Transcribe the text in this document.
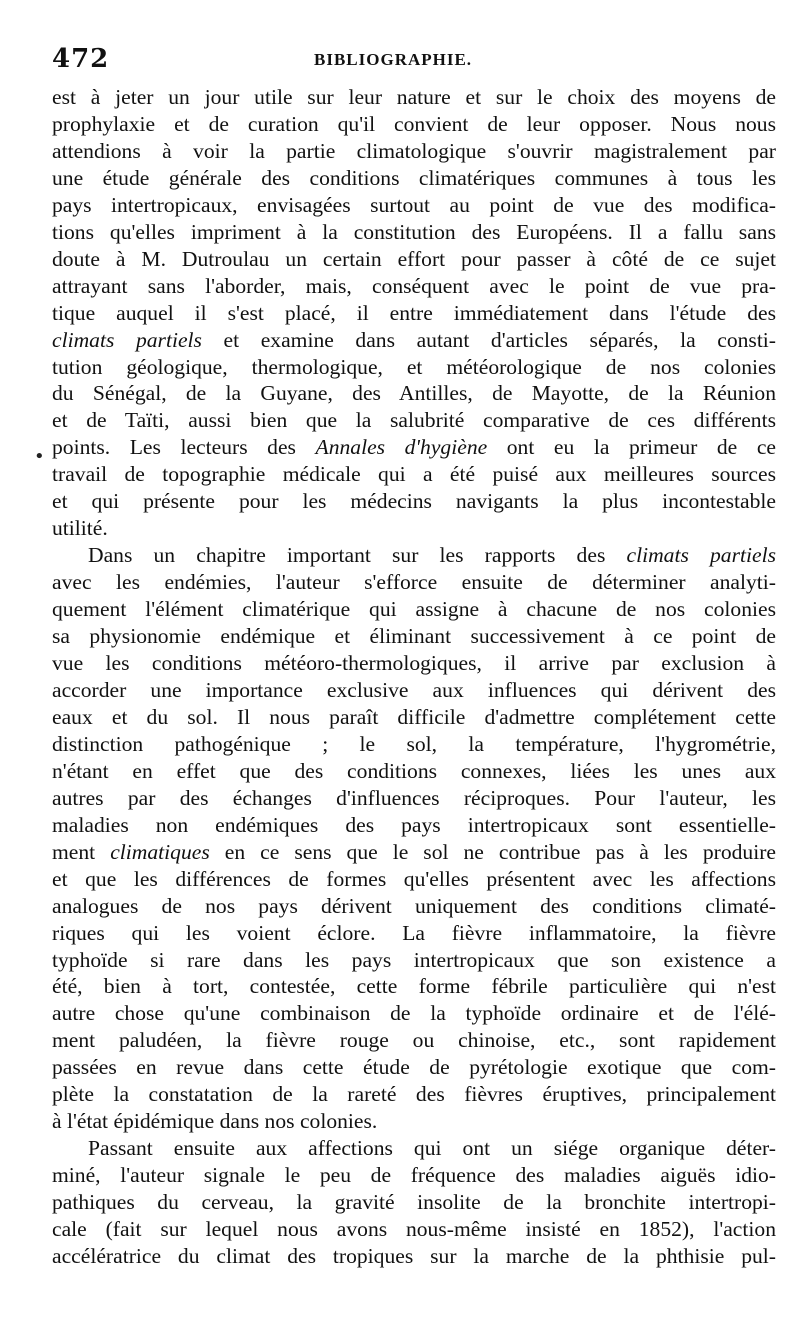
472	BIBLIOGRAPHIE.
•
est à jeter un jour utile sur leur nature et sur le choix des moyens de
prophylaxie et de curation qu'il convient de leur opposer. Nous nous
attendions à voir la partie climatologique s'ouvrir magistralement par
une étude générale des conditions climatériques communes à tous les
pays intertropicaux, envisagées surtout au point de vue des modifica-
tions qu'elles impriment à la constitution des Européens. Il a fallu sans
doute à M. Dutroulau un certain effort pour passer à côté de ce sujet
attrayant sans l'aborder, mais, conséquent avec le point de vue pra-
tique auquel il s'est placé, il entre immédiatement dans l'étude des
climats partiels et examine dans autant d'articles séparés, la consti-
tution géologique, thermologique, et météorologique de nos colonies
du Sénégal, de la Guyane, des Antilles, de Mayotte, de la Réunion
et de Taïti, aussi bien que la salubrité comparative de ces différents
points. Les lecteurs des Annales d'hygiène ont eu la primeur de ce
travail de topographie médicale qui a été puisé aux meilleures sources
et qui présente pour les médecins navigants la plus incontestable
utilité.
Dans un chapitre important sur les rapports des climats partiels
avec les endémies, l'auteur s'efforce ensuite de déterminer analyti-
quement l'élément climatérique qui assigne à chacune de nos colonies
sa physionomie endémique et éliminant successivement à ce point de
vue les conditions météoro-thermologiques, il arrive par exclusion à
accorder une importance exclusive aux influences qui dérivent des
eaux et du sol. Il nous paraît difficile d'admettre complétement cette
distinction pathogénique ; le sol, la température, l'hygrométrie,
n'étant en effet que des conditions connexes, liées les unes aux
autres par des échanges d'influences réciproques. Pour l'auteur, les
maladies non endémiques des pays intertropicaux sont essentielle-
ment climatiques en ce sens que le sol ne contribue pas à les produire
et que les différences de formes qu'elles présentent avec les affections
analogues de nos pays dérivent uniquement des conditions climaté-
riques qui les voient éclore. La fièvre inflammatoire, la fièvre
typhoïde si rare dans les pays intertropicaux que son existence a
été, bien à tort, contestée, cette forme fébrile particulière qui n'est
autre chose qu'une combinaison de la typhoïde ordinaire et de l'élé-
ment paludéen, la fièvre rouge ou chinoise, etc., sont rapidement
passées en revue dans cette étude de pyrétologie exotique que com-
plète la constatation de la rareté des fièvres éruptives, principalement
à l'état épidémique dans nos colonies.
Passant ensuite aux affections qui ont un siége organique déter-
miné, l'auteur signale le peu de fréquence des maladies aiguës idio-
pathiques du cerveau, la gravité insolite de la bronchite intertropi-
cale (fait sur lequel nous avons nous-même insisté en 1852), l'action
accélératrice du climat des tropiques sur la marche de la phthisie pul-
